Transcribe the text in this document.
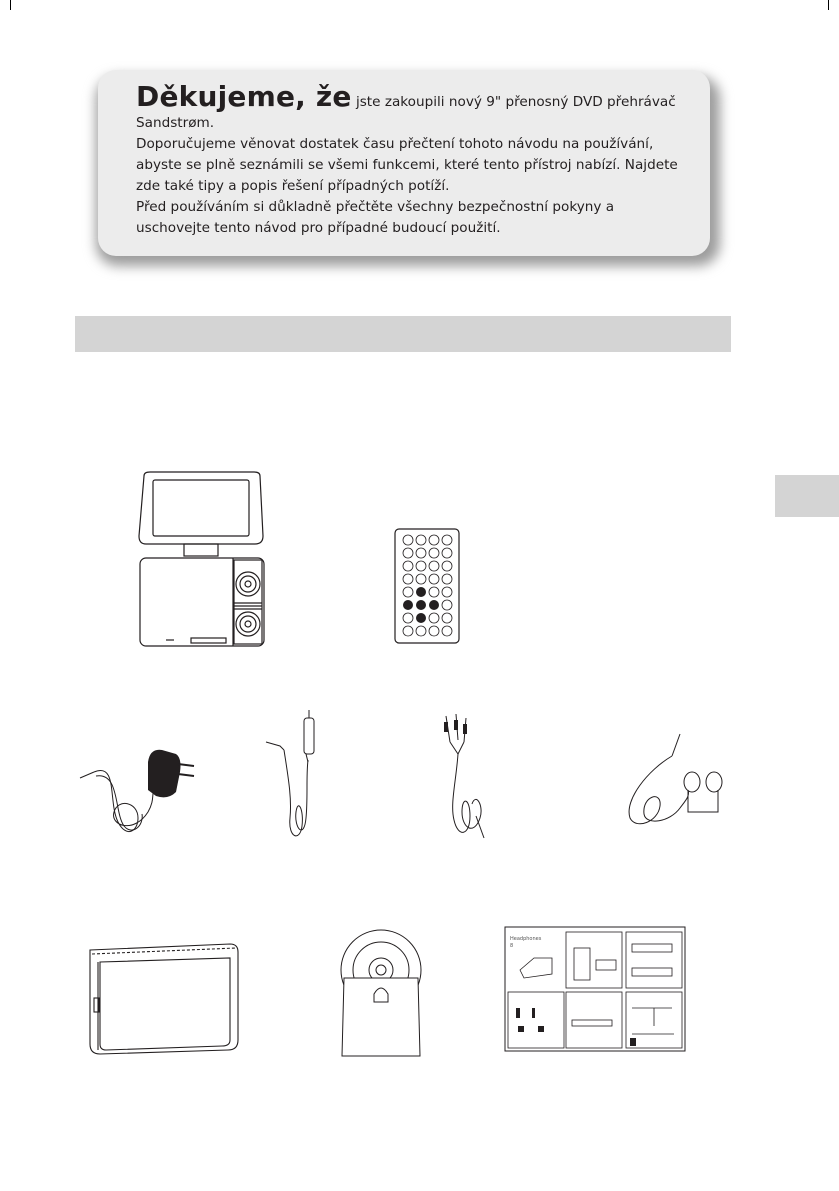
Děkujeme, že jste zakoupili nový 9" přenosný DVD přehrávač Sandstrøm.

Doporučujeme věnovat dostatek času přečtení tohoto návodu na používání, abyste se plně seznámili se všemi funkcemi, které tento přístroj nabízí. Najdete zde také tipy a popis řešení případných potíží.

Před používáním si důkladně přečtěte všechny bezpečnostní pokyny a uschovejte tento návod pro případné budoucí použití.

Headphones
8
